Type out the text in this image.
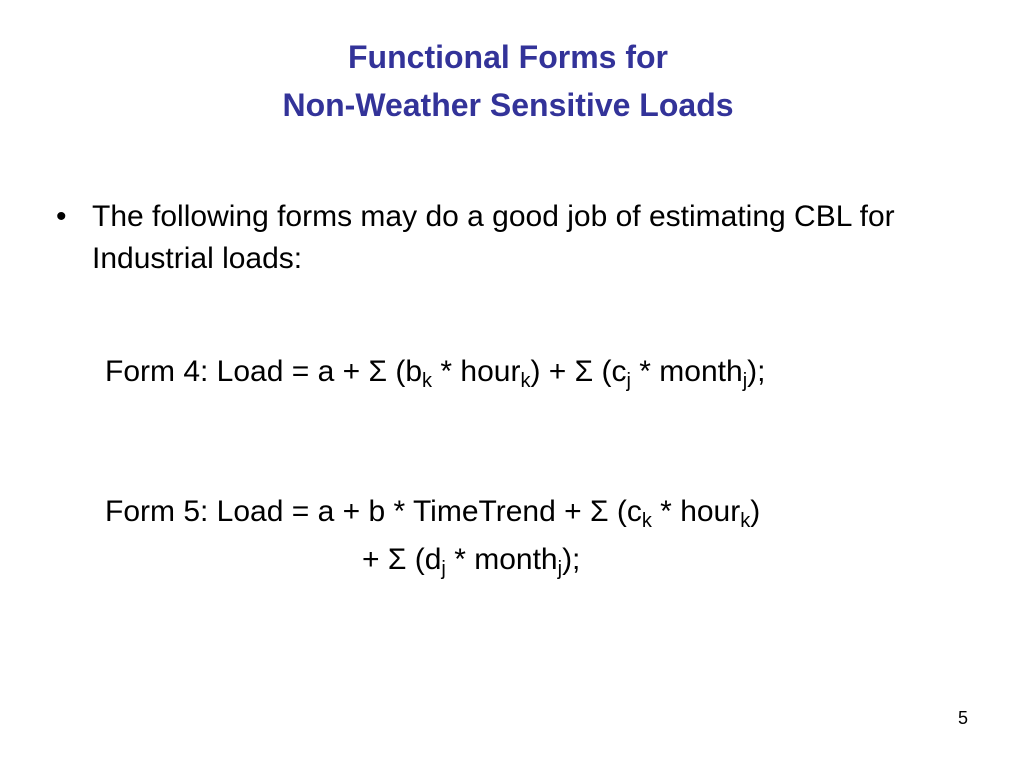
Functional Forms for
Non-Weather Sensitive Loads
• The following forms may do a good job of estimating CBL for Industrial loads:
Form 4: Load = a + Σ ($b_k$ * hour$_k$) + Σ ($c_j$ * month$_j$);
Form 5: Load = a + b * TimeTrend + Σ ($c_k$ * hour$_k$)
+ Σ ($d_j$ * month$_j$);
5
